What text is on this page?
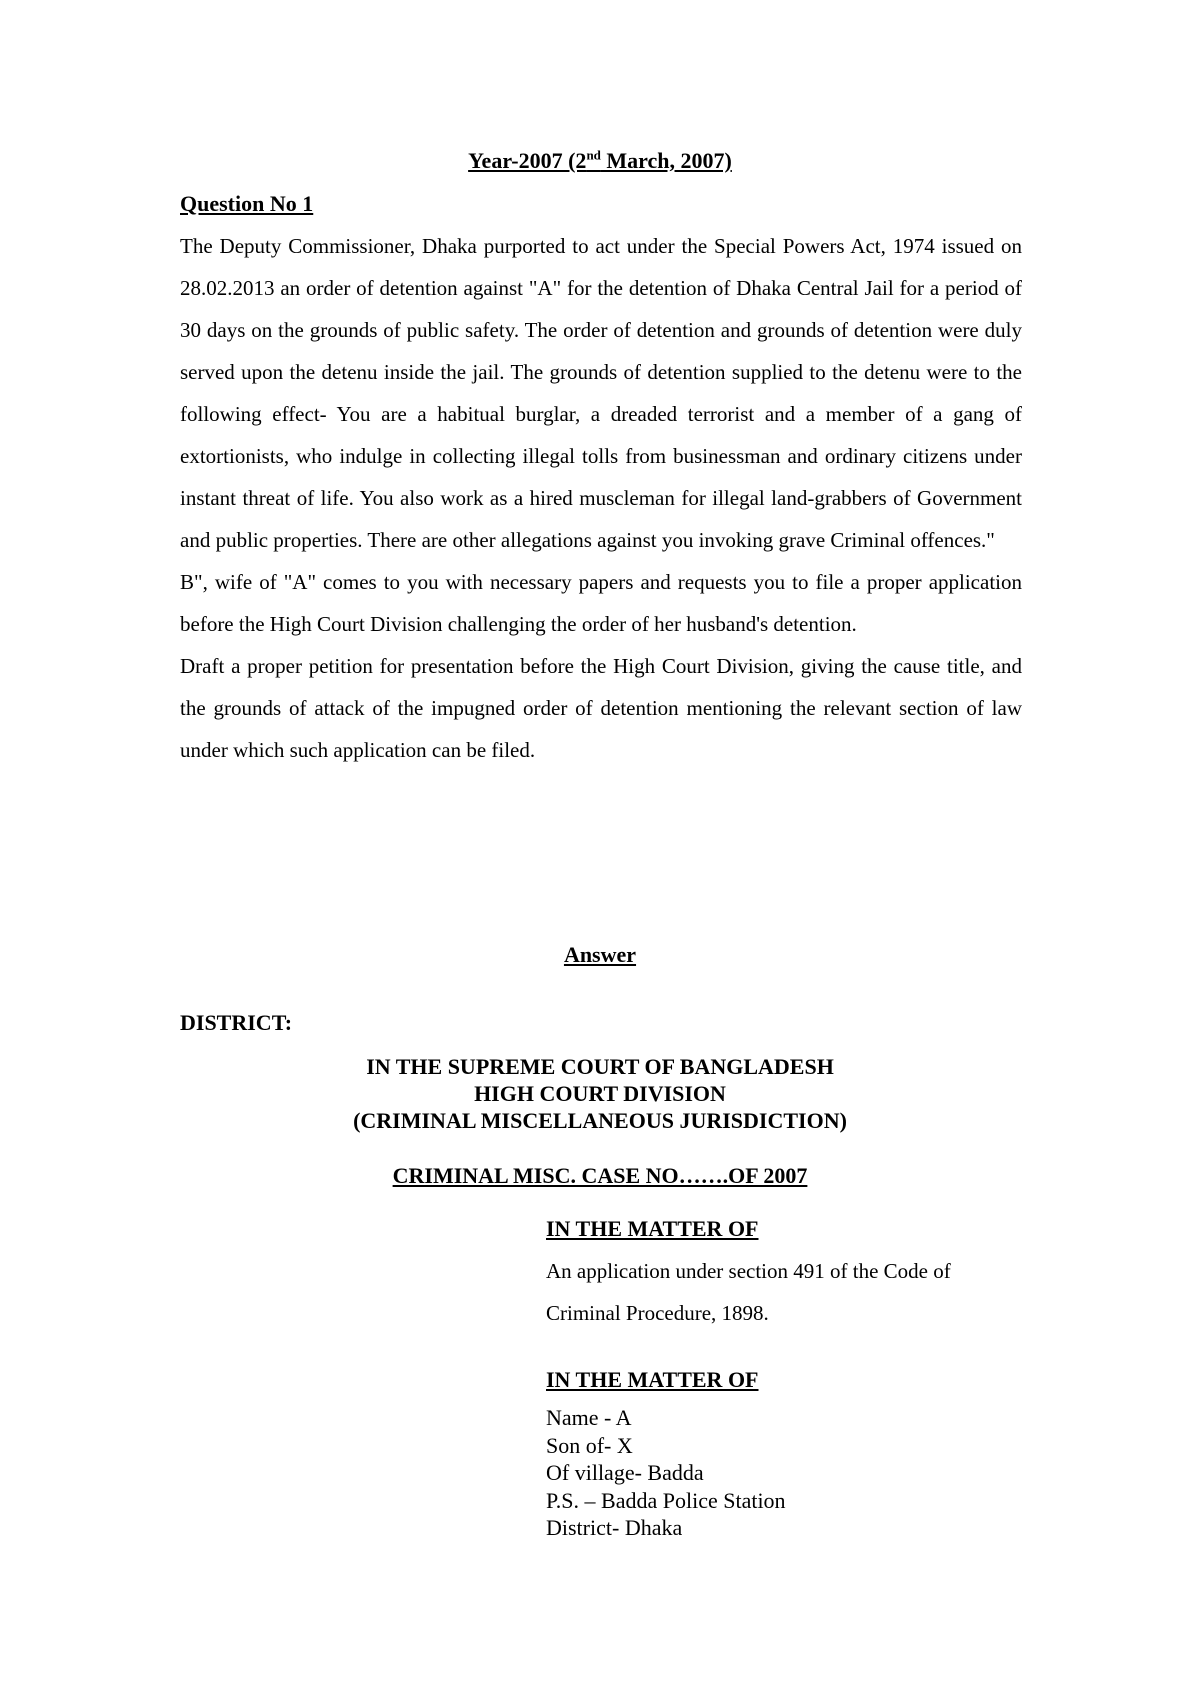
Year-2007 (2nd March, 2007)
Question No 1

The Deputy Commissioner, Dhaka purported to act under the Special Powers Act, 1974 issued on 28.02.2013 an order of detention against "A" for the detention of Dhaka Central Jail for a period of 30 days on the grounds of public safety. The order of detention and grounds of detention were duly served upon the detenu inside the jail. The grounds of detention supplied to the detenu were to the following effect- You are a habitual burglar, a dreaded terrorist and a member of a gang of extortionists, who indulge in collecting illegal tolls from businessman and ordinary citizens under instant threat of life. You also work as a hired muscleman for illegal land-grabbers of Government and public properties. There are other allegations against you invoking grave Criminal offences."

B", wife of "A" comes to you with necessary papers and requests you to file a proper application before the High Court Division challenging the order of her husband's detention.

Draft a proper petition for presentation before the High Court Division, giving the cause title, and the grounds of attack of the impugned order of detention mentioning the relevant section of law under which such application can be filed.

Answer
DISTRICT:
IN THE SUPREME COURT OF BANGLADESH
HIGH COURT DIVISION
(CRIMINAL MISCELLANEOUS JURISDICTION)
CRIMINAL MISC. CASE NO…….OF 2007
IN THE MATTER OF
An application under section 491 of the Code of Criminal Procedure, 1898.
IN THE MATTER OF
Name - A
Son of- X
Of village- Badda
P.S. – Badda Police Station
District- Dhaka
